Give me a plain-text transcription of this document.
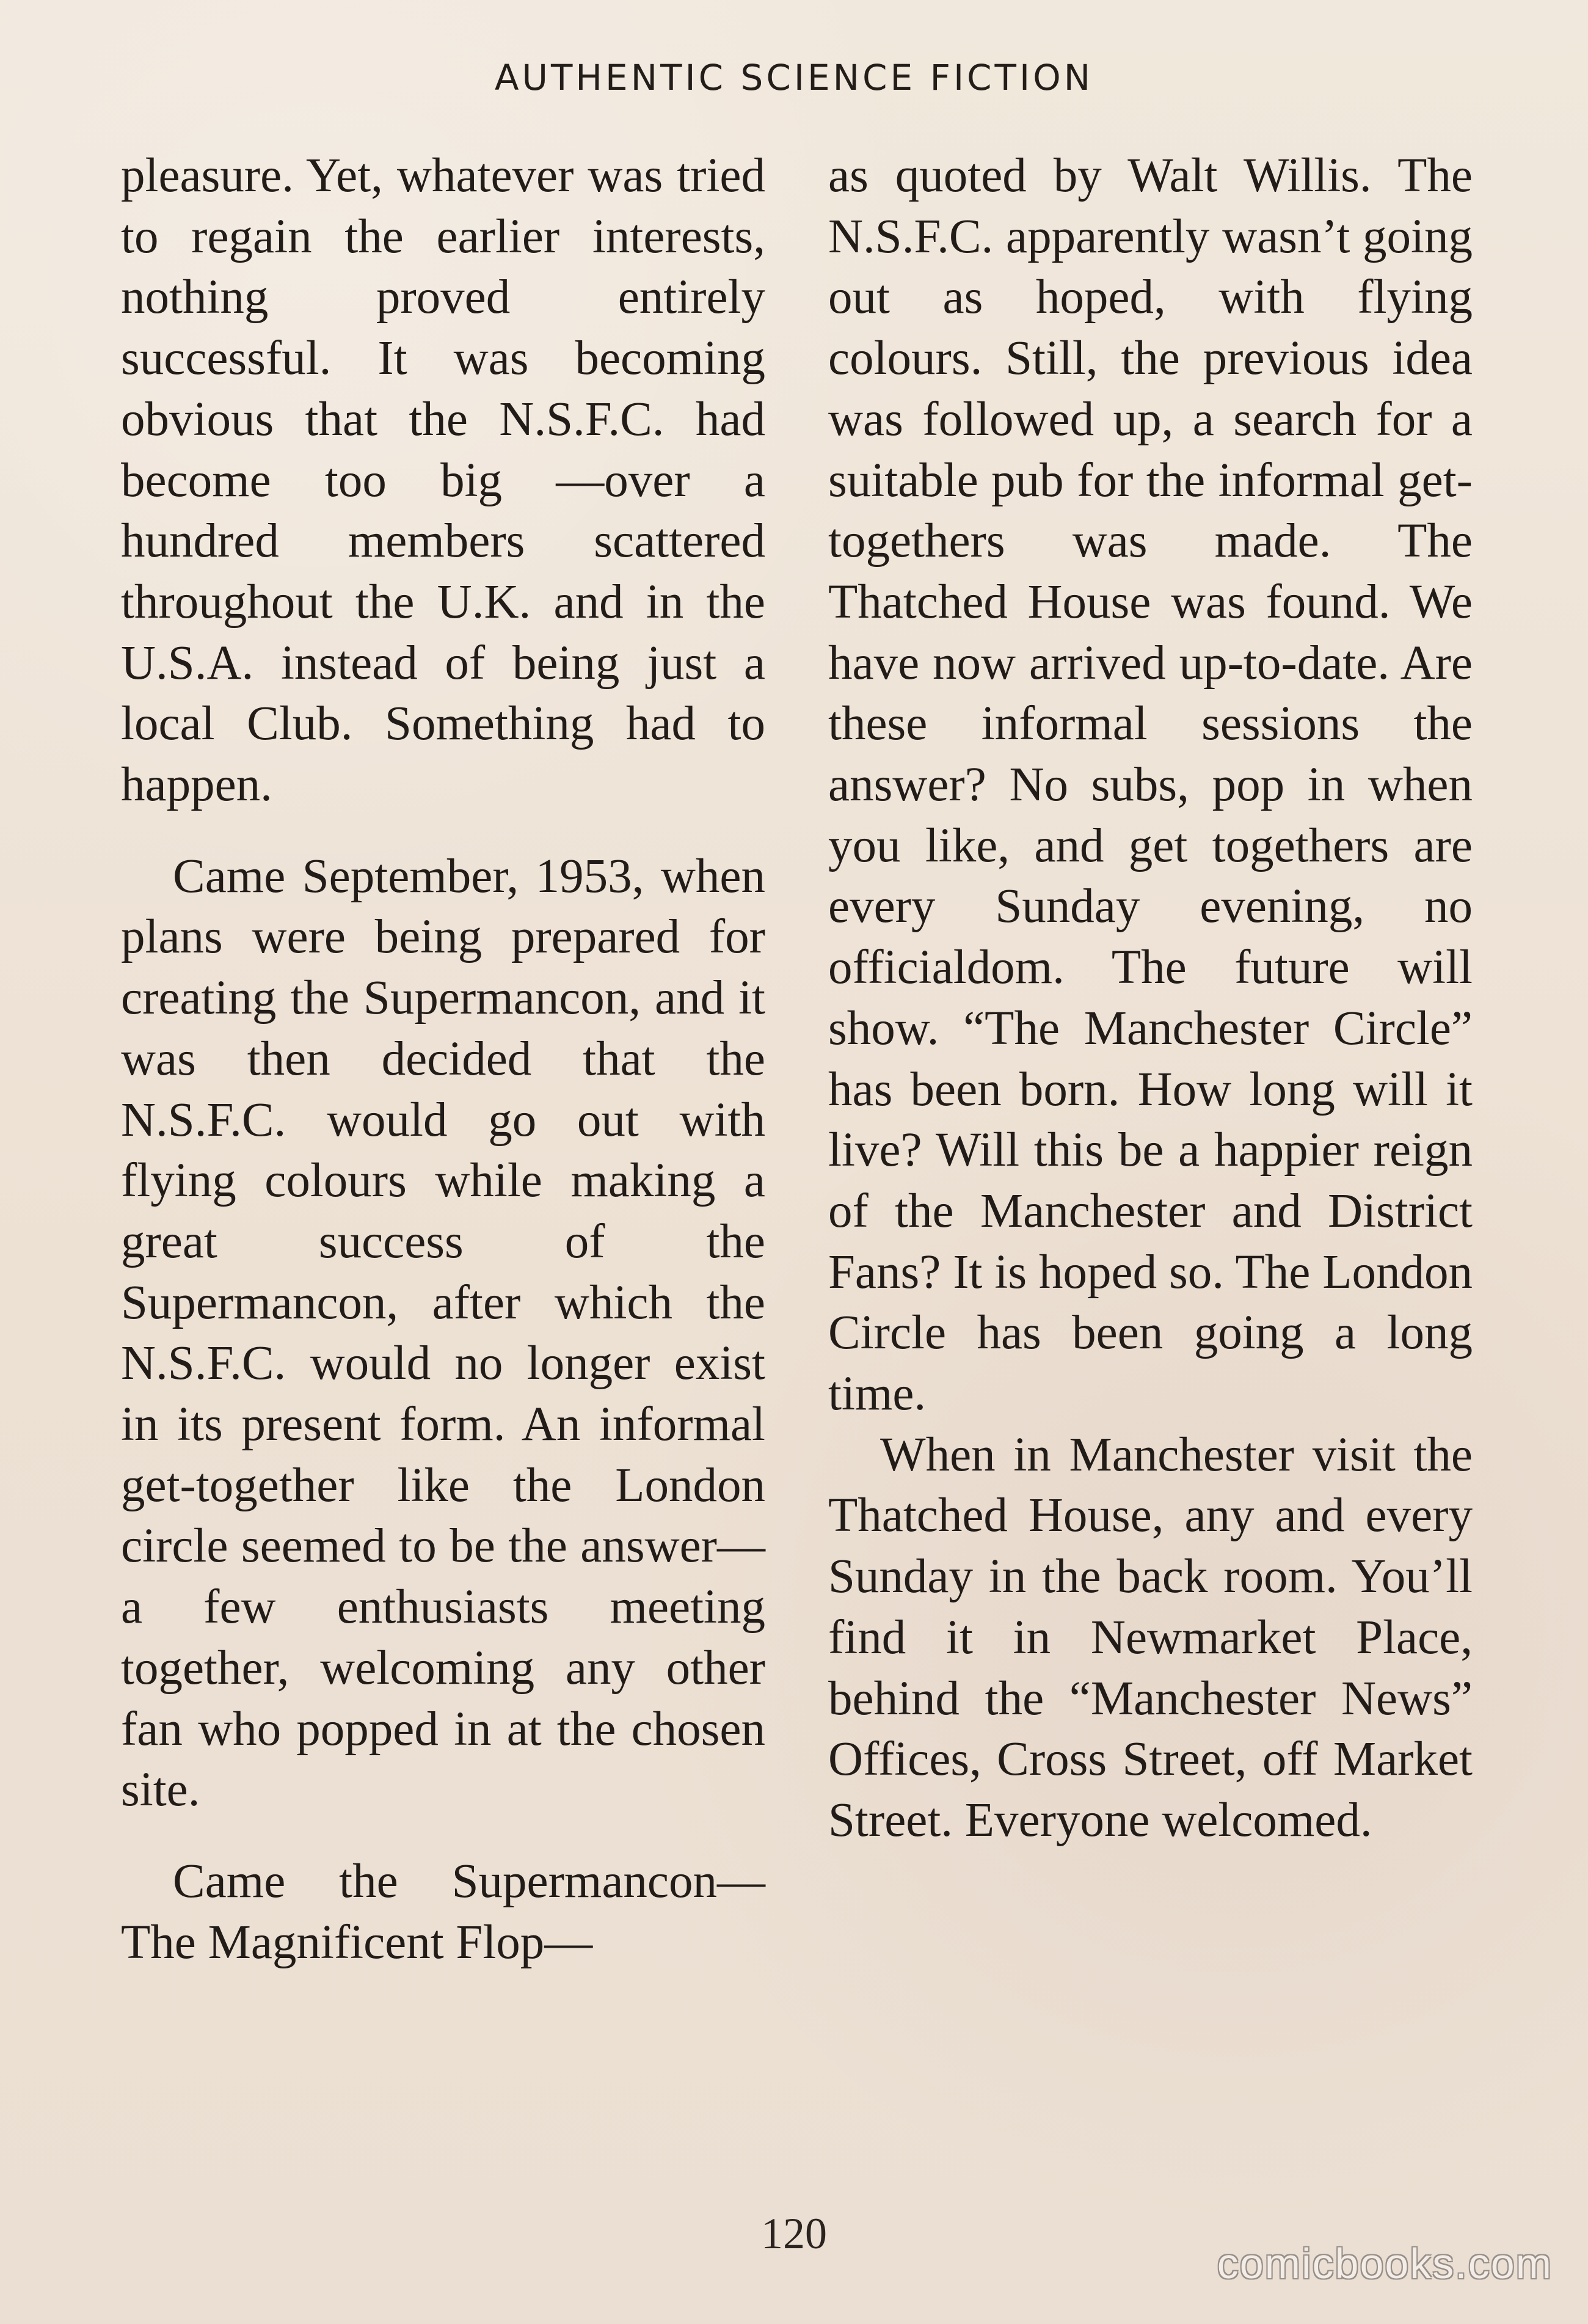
AUTHENTIC SCIENCE FICTION

pleasure. Yet, whatever was tried to regain the earlier interests, nothing proved entirely successful. It was becoming obvious that the N.S.F.C. had become too big —over a hundred members scattered throughout the U.K. and in the U.S.A. instead of being just a local Club. Something had to happen.

Came September, 1953, when plans were being prepared for creating the Supermancon, and it was then decided that the N.S.F.C. would go out with flying colours while making a great success of the Supermancon, after which the N.S.F.C. would no longer exist in its present form. An informal get-together like the London circle seemed to be the answer—a few enthusiasts meeting together, welcoming any other fan who popped in at the chosen site.

Came the Supermancon— The Magnificent Flop—

as quoted by Walt Willis. The N.S.F.C. apparently wasn’t going out as hoped, with flying colours. Still, the previous idea was followed up, a search for a suitable pub for the informal get-togethers was made. The Thatched House was found. We have now arrived up-to-date. Are these informal sessions the answer? No subs, pop in when you like, and get togethers are every Sunday evening, no officialdom. The future will show. “The Manchester Circle” has been born. How long will it live? Will this be a happier reign of the Manchester and District Fans? It is hoped so. The London Circle has been going a long time.

When in Manchester visit the Thatched House, any and every Sunday in the back room. You’ll find it in Newmarket Place, behind the “Manchester News” Offices, Cross Street, off Market Street. Everyone welcomed.

120
comicbooks.com
